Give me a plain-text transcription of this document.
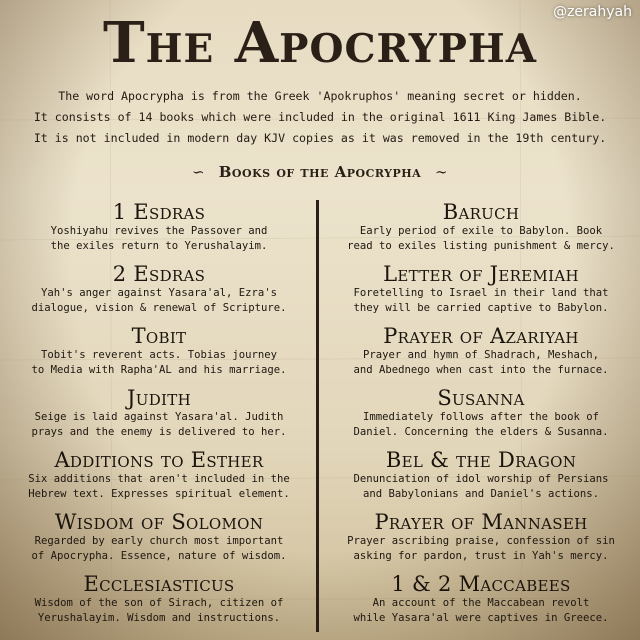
@zerahyah
The Apocrypha
The word Apocrypha is from the Greek 'Apokruphos' meaning secret or hidden.
It consists of 14 books which were included in the original 1611 King James Bible.
It is not included in modern day KJV copies as it was removed in the 19th century.
∽ Books of the Apocrypha ∼
1 Esdras
Yoshiyahu revives the Passover and
the exiles return to Yerushalayim.
2 Esdras
Yah's anger against Yasara'al, Ezra's
dialogue, vision & renewal of Scripture.
Tobit
Tobit's reverent acts. Tobias journey
to Media with Rapha'AL and his marriage.
Judith
Seige is laid against Yasara'al. Judith
prays and the enemy is delivered to her.
Additions to Esther
Six additions that aren't included in the
Hebrew text. Expresses spiritual element.
Wisdom of Solomon
Regarded by early church most important
of Apocrypha. Essence, nature of wisdom.
Ecclesiasticus
Wisdom of the son of Sirach, citizen of
Yerushalayim. Wisdom and instructions.
Baruch
Early period of exile to Babylon. Book
read to exiles listing punishment & mercy.
Letter of Jeremiah
Foretelling to Israel in their land that
they will be carried captive to Babylon.
Prayer of Azariyah
Prayer and hymn of Shadrach, Meshach,
and Abednego when cast into the furnace.
Susanna
Immediately follows after the book of
Daniel. Concerning the elders & Susanna.
Bel & the Dragon
Denunciation of idol worship of Persians
and Babylonians and Daniel's actions.
Prayer of Mannaseh
Prayer ascribing praise, confession of sin
asking for pardon, trust in Yah's mercy.
1 & 2 Maccabees
An account of the Maccabean revolt
while Yasara'al were captives in Greece.
